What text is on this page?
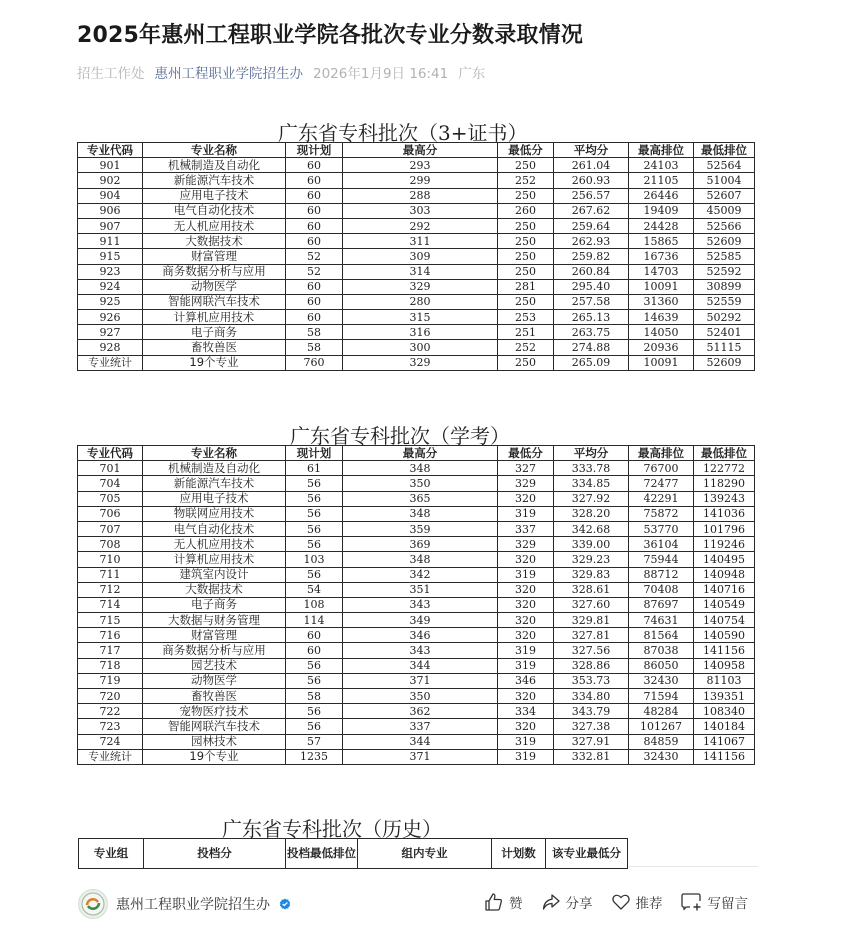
2025年惠州工程职业学院各批次专业分数录取情况
招生工作处 惠州工程职业学院招生办 2026年1月9日 16:41 广东
广东省专科批次（3+证书）
专业代码	专业名称	现计划	最高分	最低分	平均分	最高排位	最低排位
901	机械制造及自动化	60	293	250	261.04	24103	52564
902	新能源汽车技术	60	299	252	260.93	21105	51004
904	应用电子技术	60	288	250	256.57	26446	52607
906	电气自动化技术	60	303	260	267.62	19409	45009
907	无人机应用技术	60	292	250	259.64	24428	52566
911	大数据技术	60	311	250	262.93	15865	52609
915	财富管理	52	309	250	259.82	16736	52585
923	商务数据分析与应用	52	314	250	260.84	14703	52592
924	动物医学	60	329	281	295.40	10091	30899
925	智能网联汽车技术	60	280	250	257.58	31360	52559
926	计算机应用技术	60	315	253	265.13	14639	50292
927	电子商务	58	316	251	263.75	14050	52401
928	畜牧兽医	58	300	252	274.88	20936	51115
专业统计	19个专业	760	329	250	265.09	10091	52609
广东省专科批次（学考）
专业代码	专业名称	现计划	最高分	最低分	平均分	最高排位	最低排位
701	机械制造及自动化	61	348	327	333.78	76700	122772
704	新能源汽车技术	56	350	329	334.85	72477	118290
705	应用电子技术	56	365	320	327.92	42291	139243
706	物联网应用技术	56	348	319	328.20	75872	141036
707	电气自动化技术	56	359	337	342.68	53770	101796
708	无人机应用技术	56	369	329	339.00	36104	119246
710	计算机应用技术	103	348	320	329.23	75944	140495
711	建筑室内设计	56	342	319	329.83	88712	140948
712	大数据技术	54	351	320	328.61	70408	140716
714	电子商务	108	343	320	327.60	87697	140549
715	大数据与财务管理	114	349	320	329.81	74631	140754
716	财富管理	60	346	320	327.81	81564	140590
717	商务数据分析与应用	60	343	319	327.56	87038	141156
718	园艺技术	56	344	319	328.86	86050	140958
719	动物医学	56	371	346	353.73	32430	81103
720	畜牧兽医	58	350	320	334.80	71594	139351
722	宠物医疗技术	56	362	334	343.79	48284	108340
723	智能网联汽车技术	56	337	320	327.38	101267	140184
724	园林技术	57	344	319	327.91	84859	141067
专业统计	19个专业	1235	371	319	332.81	32430	141156
广东省专科批次（历史）
专业组	投档分	投档最低排位	组内专业	计划数	该专业最低分
惠州工程职业学院招生办	赞	分享	推荐	写留言
